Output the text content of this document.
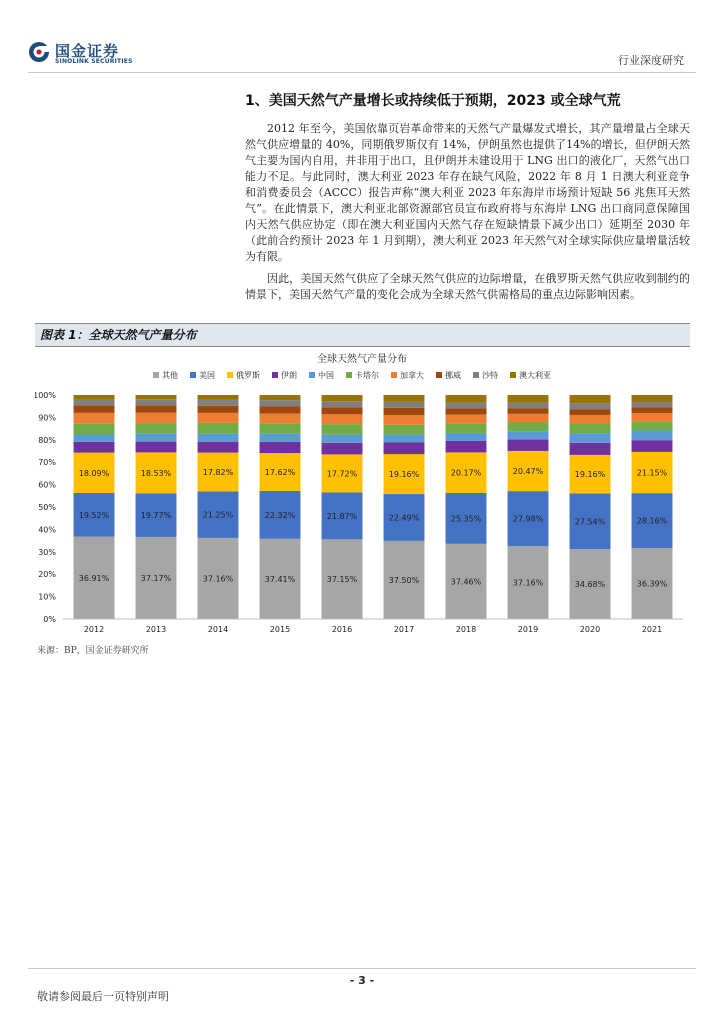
国金证券
SINOLINK SECURITIES	行业深度研究
1、美国天然气产量增长或持续低于预期，2023 或全球气荒

2012 年至今，美国依靠页岩革命带来的天然气产量爆发式增长，其产量增量占全球天然气供应增量的 40%，同期俄罗斯仅有 14%，伊朗虽然也提供了14%的增长，但伊朗天然气主要为国内自用，并非用于出口，且伊朗并未建设用于 LNG 出口的液化厂，天然气出口能力不足。与此同时，澳大利亚 2023 年存在缺气风险，2022 年 8 月 1 日澳大利亚竞争和消费委员会（ACCC）报告声称“澳大利亚 2023 年东海岸市场预计短缺 56 兆焦耳天然气”。在此情景下，澳大利亚北部资源部官员宣布政府将与东海岸 LNG 出口商同意保障国内天然气供应协定（即在澳大利亚国内天然气存在短缺情景下减少出口）延期至 2030 年（此前合约预计 2023 年 1 月到期），澳大利亚 2023 年天然气对全球实际供应量增量活较为有限。

因此，美国天然气供应了全球天然气供应的边际增量，在俄罗斯天然气供应收到制约的情景下，美国天然气产量的变化会成为全球天然气供需格局的重点边际影响因素。

图表 1：全球天然气产量分布
全球天然气产量分布
其他	美国	俄罗斯	伊朗	中国	卡塔尔	加拿大	挪威	沙特	澳大利亚
0%
10%
20%
30%
40%
50%
60%
70%
80%
90%
100%
36.91%
19.52%
18.09%
37.17%
19.77%
18.53%
37.16%
21.25%
17.82%
37.41%
22.32%
17.62%
37.15%
21.87%
17.72%
37.50%
22.49%
19.16%
37.46%
25.35%
20.17%
37.16%
27.98%
20.47%
34.68%
27.54%
19.16%
36.39%
28.16%
21.15%
2012	2013	2014	2015	2016	2017	2018	2019	2020	2021
来源：BP，国金证券研究所
- 3 -
敬请参阅最后一页特别声明
